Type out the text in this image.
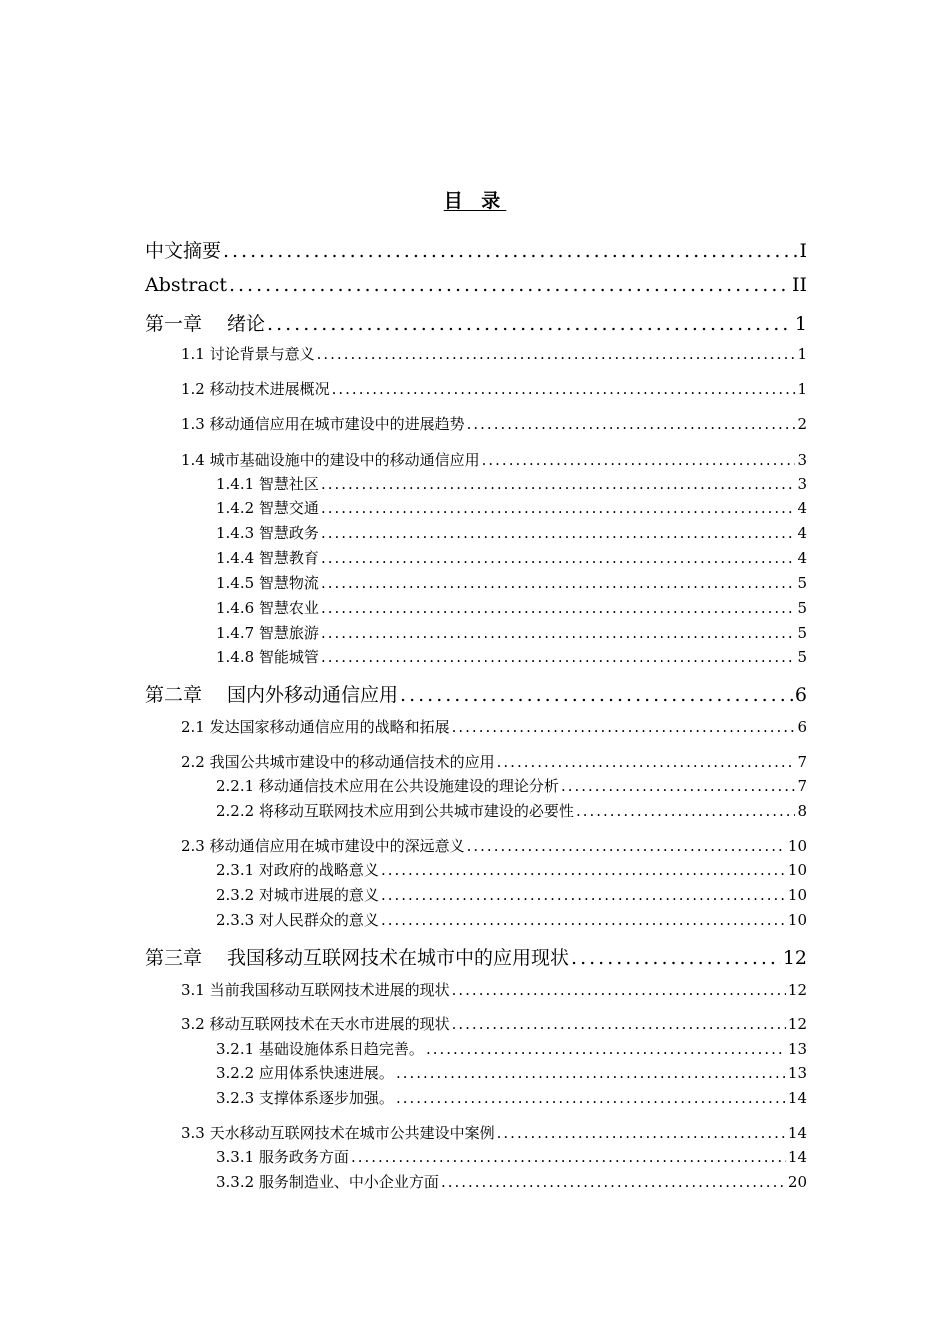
目 录
中文摘要 .....	I
Abstract .....	II
第一章　 绪论 .....	1
1.1 讨论背景与意义 .....	1
1.2 移动技术进展概况 .....	1
1.3 移动通信应用在城市建设中的进展趋势 .....	2
1.4 城市基础设施中的建设中的移动通信应用 .....	3
1.4.1 智慧社区 .....	3
1.4.2 智慧交通 .....	4
1.4.3 智慧政务 .....	4
1.4.4 智慧教育 .....	4
1.4.5 智慧物流 .....	5
1.4.6 智慧农业 .....	5
1.4.7 智慧旅游 .....	5
1.4.8 智能城管 .....	5
第二章　 国内外移动通信应用 .....	6
2.1 发达国家移动通信应用的战略和拓展 .....	6
2.2 我国公共城市建设中的移动通信技术的应用 .....	7
2.2.1 移动通信技术应用在公共设施建设的理论分析 .....	7
2.2.2 将移动互联网技术应用到公共城市建设的必要性 .....	8
2.3 移动通信应用在城市建设中的深远意义 .....	10
2.3.1 对政府的战略意义 .....	10
2.3.2 对城市进展的意义 .....	10
2.3.3 对人民群众的意义 .....	10
第三章　 我国移动互联网技术在城市中的应用现状 .....	12
3.1 当前我国移动互联网技术进展的现状 .....	12
3.2 移动互联网技术在天水市进展的现状 .....	12
3.2.1 基础设施体系日趋完善。 .....	13
3.2.2 应用体系快速进展。 .....	13
3.2.3 支撑体系逐步加强。 .....	14
3.3 天水移动互联网技术在城市公共建设中案例 .....	14
3.3.1 服务政务方面 .....	14
3.3.2 服务制造业、中小企业方面 .....	20
